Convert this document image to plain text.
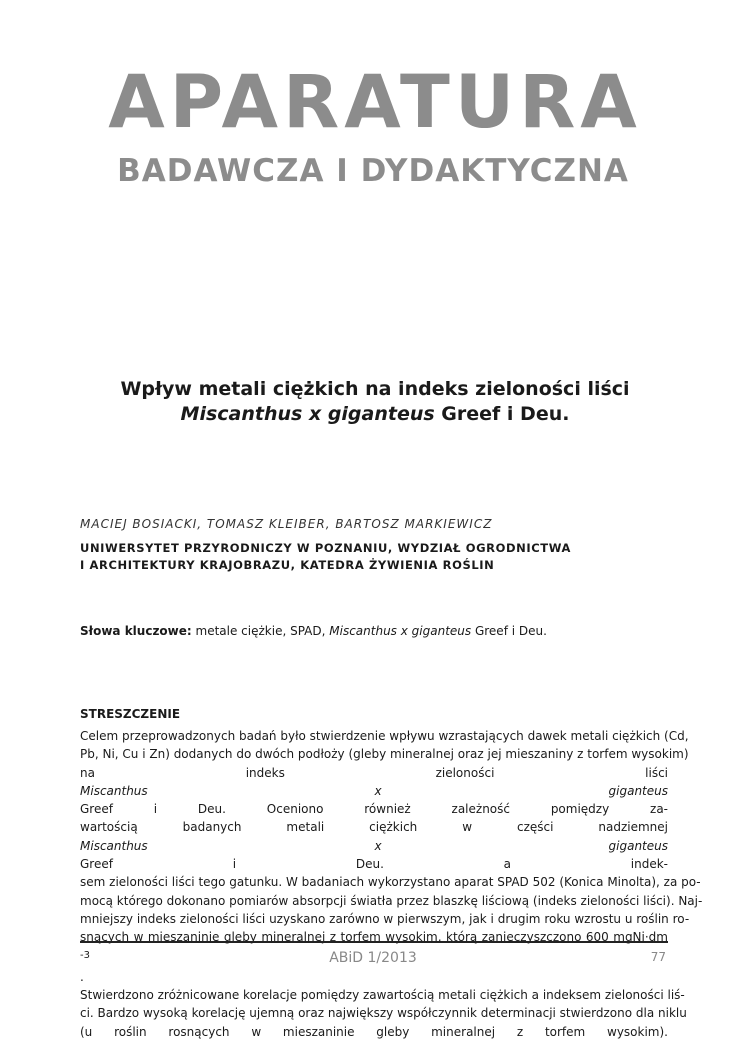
APARATURA
BADAWCZA I DYDAKTYCZNA
Wpływ metali ciężkich na indeks zieloności liści
Miscanthus x giganteus Greef i Deu.

MACIEJ BOSIACKI, TOMASZ KLEIBER, BARTOSZ MARKIEWICZ

UNIWERSYTET PRZYRODNICZY W POZNANIU, WYDZIAŁ OGRODNICTWA
I ARCHITEKTURY KRAJOBRAZU, KATEDRA ŻYWIENIA ROŚLIN

Słowa kluczowe: metale ciężkie, SPAD, Miscanthus x giganteus Greef i Deu.

STRESZCZENIE

Celem przeprowadzonych badań było stwierdzenie wpływu wzrastających dawek metali ciężkich (Cd,
Pb, Ni, Cu i Zn) dodanych do dwóch podłoży (gleby mineralnej oraz jej mieszaniny z torfem wysokim)
na indeks zieloności liści
Miscanthus x giganteus
Greef i Deu. Oceniono również zależność pomiędzy za-
wartością badanych metali ciężkich w części nadziemnej
Miscanthus x giganteus
Greef i Deu. a indek-
sem zieloności liści tego gatunku. W badaniach wykorzystano aparat SPAD 502 (Konica Minolta), za po-
mocą którego dokonano pomiarów absorpcji światła przez blaszkę liściową (indeks zieloności liści). Naj-
mniejszy indeks zieloności liści uzyskano zarówno w pierwszym, jak i drugim roku wzrostu u roślin ro-
snących w mieszaninie gleby mineralnej z torfem wysokim, którą zanieczyszczono 600 mgNi·dm
$^{-3}$
.
Stwierdzono zróżnicowane korelacje pomiędzy zawartością metali ciężkich a indeksem zieloności liś-
ci. Bardzo wysoką korelację ujemną oraz największy współczynnik determinacji stwierdzono dla niklu
(u roślin rosnących w mieszaninie gleby mineralnej z torfem wysokim).

ABiD 1/2013	77
